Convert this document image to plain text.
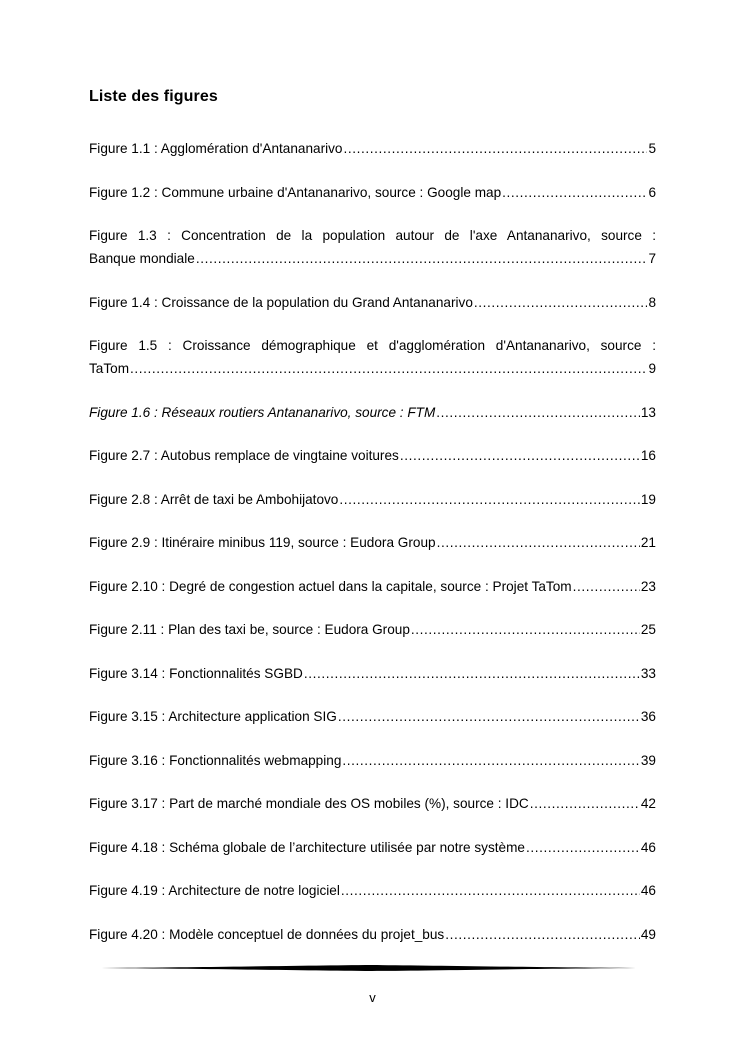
Liste des figures
Figure 1.1 : Agglomération d'Antananarivo .....	5
Figure 1.2 : Commune urbaine d'Antananarivo, source : Google map .....	6
Figure 1.3 : Concentration de la population autour de l'axe Antananarivo, source :
Banque mondiale .....	7
Figure 1.4 : Croissance de la population du Grand Antananarivo .....	8
Figure 1.5 : Croissance démographique et d'agglomération d'Antananarivo, source :
TaTom .....	9
Figure 1.6 : Réseaux routiers Antananarivo, source : FTM .....	13
Figure 2.7 : Autobus remplace de vingtaine voitures .....	16
Figure 2.8 : Arrêt de taxi be Ambohijatovo .....	19
Figure 2.9 : Itinéraire minibus 119, source : Eudora Group .....	21
Figure 2.10 : Degré de congestion actuel dans la capitale, source : Projet TaTom .....	23
Figure 2.11 : Plan des taxi be, source : Eudora Group .....	25
Figure 3.14 : Fonctionnalités SGBD .....	33
Figure 3.15 : Architecture application SIG .....	36
Figure 3.16 : Fonctionnalités webmapping .....	39
Figure 3.17 : Part de marché mondiale des OS mobiles (%), source : IDC .....	42
Figure 4.18 : Schéma globale de l’architecture utilisée par notre système .....	46
Figure 4.19 : Architecture de notre logiciel .....	46
Figure 4.20 : Modèle conceptuel de données du projet_bus .....	49
v
